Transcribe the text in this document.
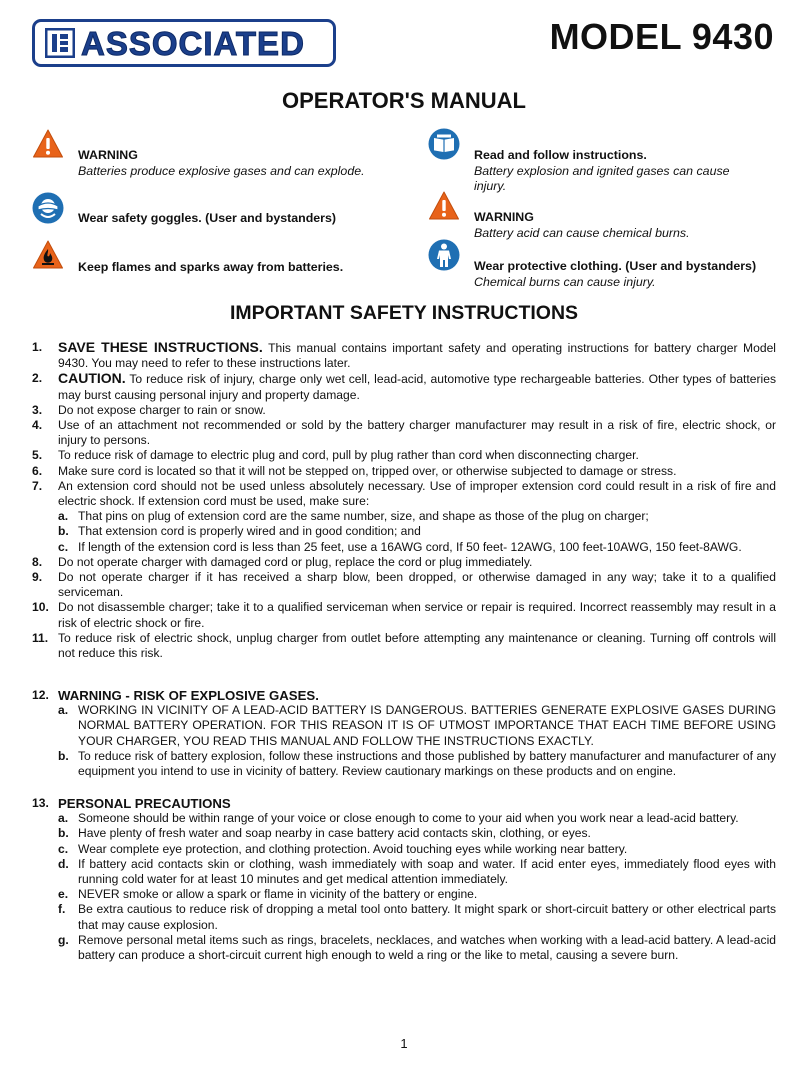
ASSOCIATED	MODEL 9430
OPERATOR'S MANUAL
WARNING
Batteries produce explosive gases and can explode.
Read and follow instructions.
Battery explosion and ignited gases can cause injury.
Wear safety goggles. (User and bystanders)	WARNING
Battery acid can cause chemical burns.
Keep flames and sparks away from batteries.	Wear protective clothing. (User and bystanders)
Chemical burns can cause injury.
IMPORTANT SAFETY INSTRUCTIONS
1.	SAVE THESE INSTRUCTIONS. This manual contains important safety and operating instructions for battery charger Model 9430. You may need to refer to these instructions later.
2.	CAUTION. To reduce risk of injury, charge only wet cell, lead-acid, automotive type rechargeable batteries. Other types of batteries may burst causing personal injury and property damage.
3.	Do not expose charger to rain or snow.
4.	Use of an attachment not recommended or sold by the battery charger manufacturer may result in a risk of fire, electric shock, or injury to persons.
5.	To reduce risk of damage to electric plug and cord, pull by plug rather than cord when disconnecting charger.
6.	Make sure cord is located so that it will not be stepped on, tripped over, or otherwise subjected to damage or stress.
7.	An extension cord should not be used unless absolutely necessary. Use of improper extension cord could result in a risk of fire and electric shock. If extension cord must be used, make sure:
a. That pins on plug of extension cord are the same number, size, and shape as those of the plug on charger;
b. That extension cord is properly wired and in good condition; and
c. If length of the extension cord is less than 25 feet, use a 16AWG cord, If 50 feet- 12AWG, 100 feet-10AWG, 150 feet-8AWG.
8.	Do not operate charger with damaged cord or plug, replace the cord or plug immediately.
9.	Do not operate charger if it has received a sharp blow, been dropped, or otherwise damaged in any way; take it to a qualified serviceman.
10. Do not disassemble charger; take it to a qualified serviceman when service or repair is required. Incorrect reassembly may result in a risk of electric shock or fire.
11. To reduce risk of electric shock, unplug charger from outlet before attempting any maintenance or cleaning. Turning off controls will not reduce this risk.
12. WARNING - RISK OF EXPLOSIVE GASES.
a. WORKING IN VICINITY OF A LEAD-ACID BATTERY IS DANGEROUS. BATTERIES GENERATE EXPLOSIVE GASES DURING NORMAL BATTERY OPERATION. FOR THIS REASON IT IS OF UTMOST IMPORTANCE THAT EACH TIME BEFORE USING YOUR CHARGER, YOU READ THIS MANUAL AND FOLLOW THE INSTRUCTIONS EXACTLY.
b. To reduce risk of battery explosion, follow these instructions and those published by battery manufacturer and manufacturer of any equipment you intend to use in vicinity of battery. Review cautionary markings on these products and on engine.
13. PERSONAL PRECAUTIONS
a. Someone should be within range of your voice or close enough to come to your aid when you work near a lead-acid battery.
b. Have plenty of fresh water and soap nearby in case battery acid contacts skin, clothing, or eyes.
c. Wear complete eye protection, and clothing protection. Avoid touching eyes while working near battery.
d. If battery acid contacts skin or clothing, wash immediately with soap and water. If acid enter eyes, immediately flood eyes with running cold water for at least 10 minutes and get medical attention immediately.
e. NEVER smoke or allow a spark or flame in vicinity of the battery or engine.
f.	Be extra cautious to reduce risk of dropping a metal tool onto battery. It might spark or short-circuit battery or other electrical parts that may cause explosion.
g. Remove personal metal items such as rings, bracelets, necklaces, and watches when working with a lead-acid battery. A lead-acid battery can produce a short-circuit current high enough to weld a ring or the like to metal, causing a severe burn.
1
